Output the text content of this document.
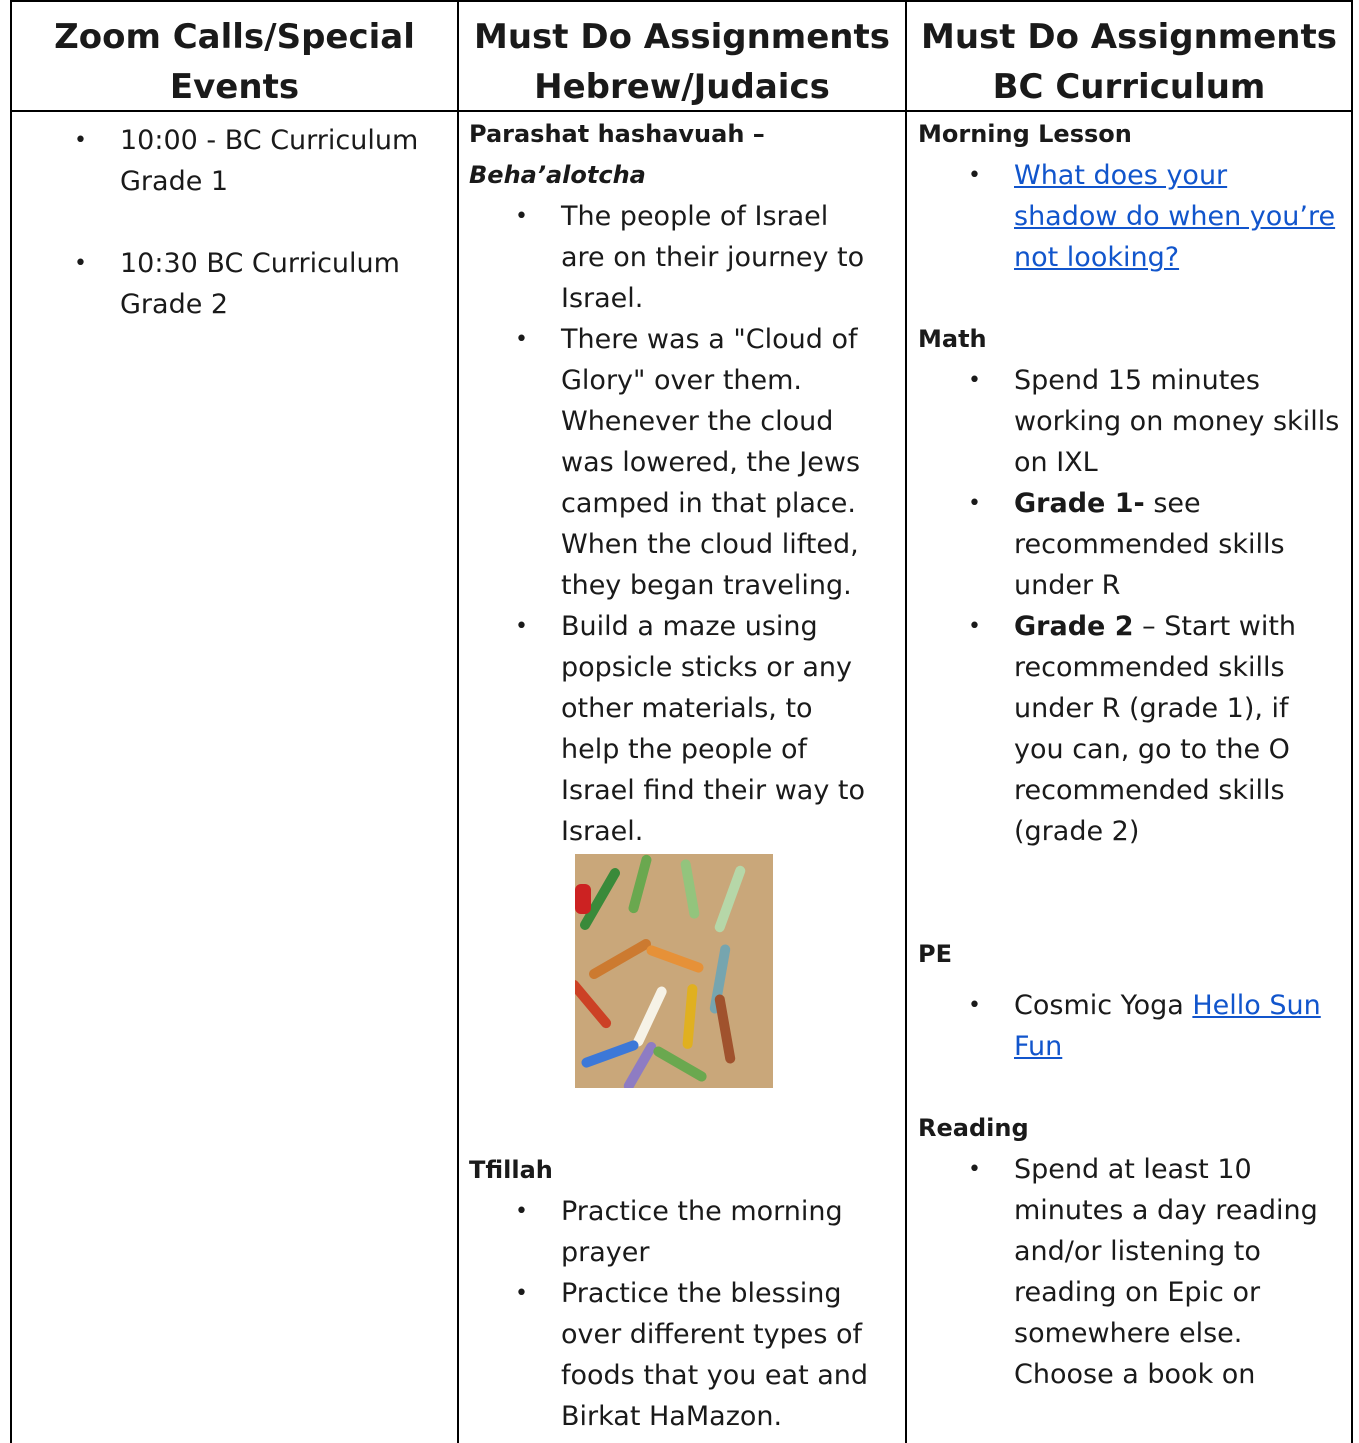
Zoom Calls/Special
Events
Must Do Assignments
Hebrew/Judaics
Must Do Assignments
BC Curriculum
• 10:00 - BC Curriculum
Grade 1
• 10:30 BC Curriculum
Grade 2
Parashat hashavuah –
Beha’alotcha
• The people of Israel
are on their journey to
Israel.
• There was a "Cloud of
Glory" over them.
Whenever the cloud
was lowered, the Jews
camped in that place.
When the cloud lifted,
they began traveling.
• Build a maze using
popsicle sticks or any
other materials, to
help the people of
Israel find their way to
Israel.
Tfillah
• Practice the morning
prayer
• Practice the blessing
over different types of
foods that you eat and
Birkat HaMazon.
Morning Lesson
• What does your
shadow do when you’re
not looking?
Math
• Spend 15 minutes
working on money skills
on IXL
• Grade 1- see
recommended skills
under R
• Grade 2 – Start with
recommended skills
under R (grade 1), if
you can, go to the O
recommended skills
(grade 2)
PE
• Cosmic Yoga Hello Sun
Fun
Reading
• Spend at least 10
minutes a day reading
and/or listening to
reading on Epic or
somewhere else.
Choose a book on
